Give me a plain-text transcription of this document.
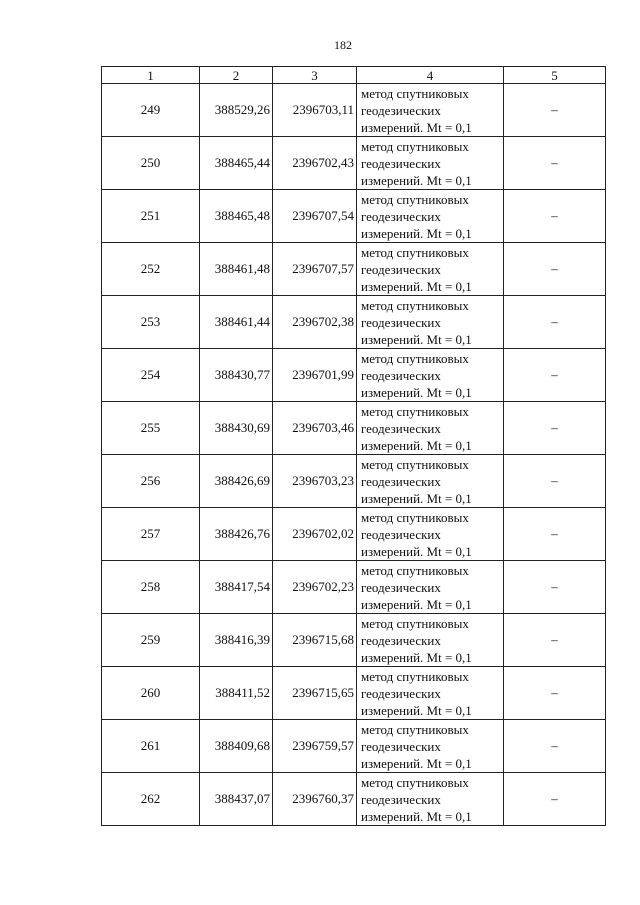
182
1	2	3	4	5
249	388529,26	2396703,11	метод спутниковых
геодезических
измерений. Mt = 0,1	–
250	388465,44	2396702,43	метод спутниковых
геодезических
измерений. Mt = 0,1	–
251	388465,48	2396707,54	метод спутниковых
геодезических
измерений. Mt = 0,1	–
252	388461,48	2396707,57	метод спутниковых
геодезических
измерений. Mt = 0,1	–
253	388461,44	2396702,38	метод спутниковых
геодезических
измерений. Mt = 0,1	–
254	388430,77	2396701,99	метод спутниковых
геодезических
измерений. Mt = 0,1	–
255	388430,69	2396703,46	метод спутниковых
геодезических
измерений. Mt = 0,1	–
256	388426,69	2396703,23	метод спутниковых
геодезических
измерений. Mt = 0,1	–
257	388426,76	2396702,02	метод спутниковых
геодезических
измерений. Mt = 0,1	–
258	388417,54	2396702,23	метод спутниковых
геодезических
измерений. Mt = 0,1	–
259	388416,39	2396715,68	метод спутниковых
геодезических
измерений. Mt = 0,1	–
260	388411,52	2396715,65	метод спутниковых
геодезических
измерений. Mt = 0,1	–
261	388409,68	2396759,57	метод спутниковых
геодезических
измерений. Mt = 0,1	–
262	388437,07	2396760,37	метод спутниковых
геодезических
измерений. Mt = 0,1	–
